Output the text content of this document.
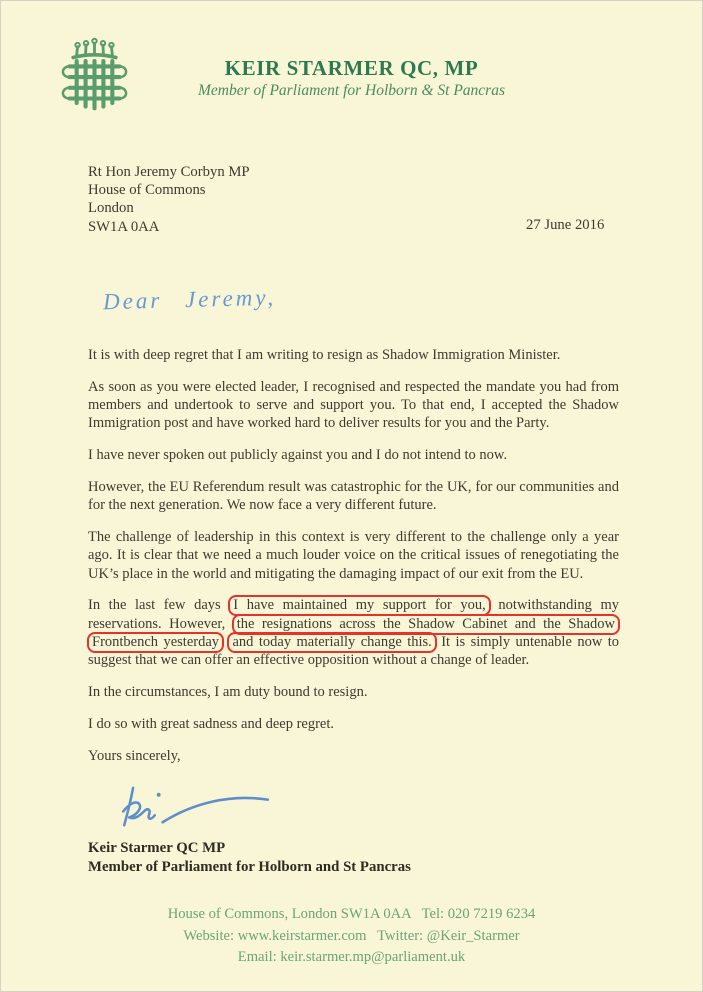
KEIR STARMER QC, MP
Member of Parliament for Holborn & St Pancras
Rt Hon Jeremy Corbyn MP
House of Commons
London
SW1A 0AA	27 June 2016
Dear Jeremy,

It is with deep regret that I am writing to resign as Shadow Immigration Minister.

As soon as you were elected leader, I recognised and respected the mandate you had from members and undertook to serve and support you. To that end, I accepted the Shadow Immigration post and have worked hard to deliver results for you and the Party.

I have never spoken out publicly against you and I do not intend to now.

However, the EU Referendum result was catastrophic for the UK, for our communities and for the next generation. We now face a very different future.

The challenge of leadership in this context is very different to the challenge only a year ago. It is clear that we need a much louder voice on the critical issues of renegotiating the UK’s place in the world and mitigating the damaging impact of our exit from the EU.

In the last few days I have maintained my support for you, notwithstanding my reservations. However, the resignations across the Shadow Cabinet and the Shadow Frontbench yesterday and today materially change this. It is simply untenable now to suggest that we can offer an effective opposition without a change of leader.

In the circumstances, I am duty bound to resign.

I do so with great sadness and deep regret.

Yours sincerely,

Keir Starmer QC MP
Member of Parliament for Holborn and St Pancras
House of Commons, London SW1A 0AA   Tel: 020 7219 6234
Website: www.keirstarmer.com   Twitter: @Keir_Starmer
Email: keir.starmer.mp@parliament.uk
